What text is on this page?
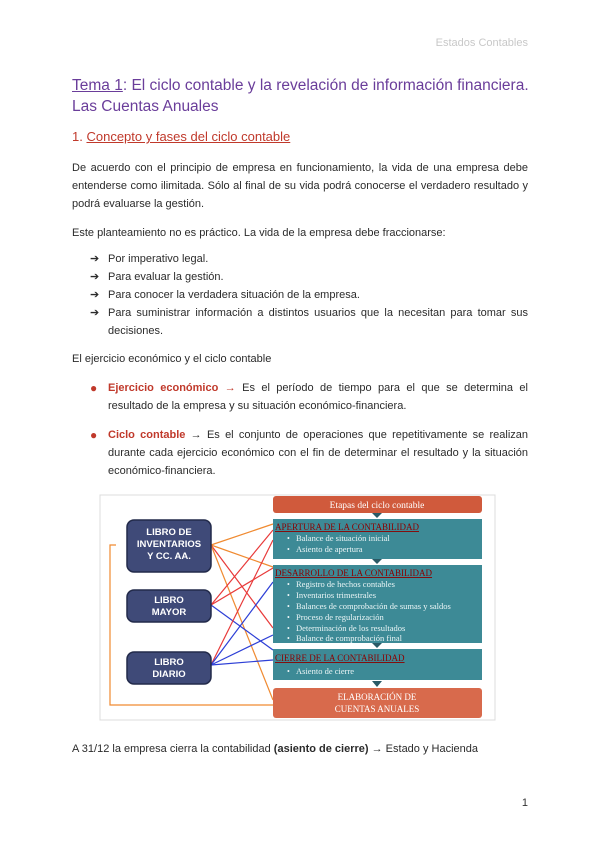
Estados Contables
Tema 1: El ciclo contable y la revelación de información financiera.
Las Cuentas Anuales
1. Concepto y fases del ciclo contable
De acuerdo con el principio de empresa en funcionamiento, la vida de una empresa debe entenderse como ilimitada. Sólo al final de su vida podrá conocerse el verdadero resultado y podrá evaluarse la gestión.
Este planteamiento no es práctico. La vida de la empresa debe fraccionarse:
➔ Por imperativo legal.
➔ Para evaluar la gestión.
➔ Para conocer la verdadera situación de la empresa.
➔ Para suministrar información a distintos usuarios que la necesitan para tomar sus decisiones.
El ejercicio económico y el ciclo contable
● Ejercicio económico → Es el período de tiempo para el que se determina el resultado de la empresa y su situación económico-financiera.
● Ciclo contable → Es el conjunto de operaciones que repetitivamente se realizan durante cada ejercicio económico con el fin de determinar el resultado y la situación económico-financiera.
LIBRO DE
INVENTARIOS
Y CC. AA.
LIBRO
MAYOR
LIBRO
DIARIO
Etapas del ciclo contable
APERTURA DE LA CONTABILIDAD
• Balance de situación inicial
• Asiento de apertura
DESARROLLO DE LA CONTABILIDAD
• Registro de hechos contables
• Inventarios trimestrales
• Balances de comprobación de sumas y saldos
• Proceso de regularización
• Determinación de los resultados
• Balance de comprobación final
CIERRE DE LA CONTABILIDAD
• Asiento de cierre
ELABORACIÓN DE
CUENTAS ANUALES
A 31/12 la empresa cierra la contabilidad (asiento de cierre) → Estado y Hacienda
1
